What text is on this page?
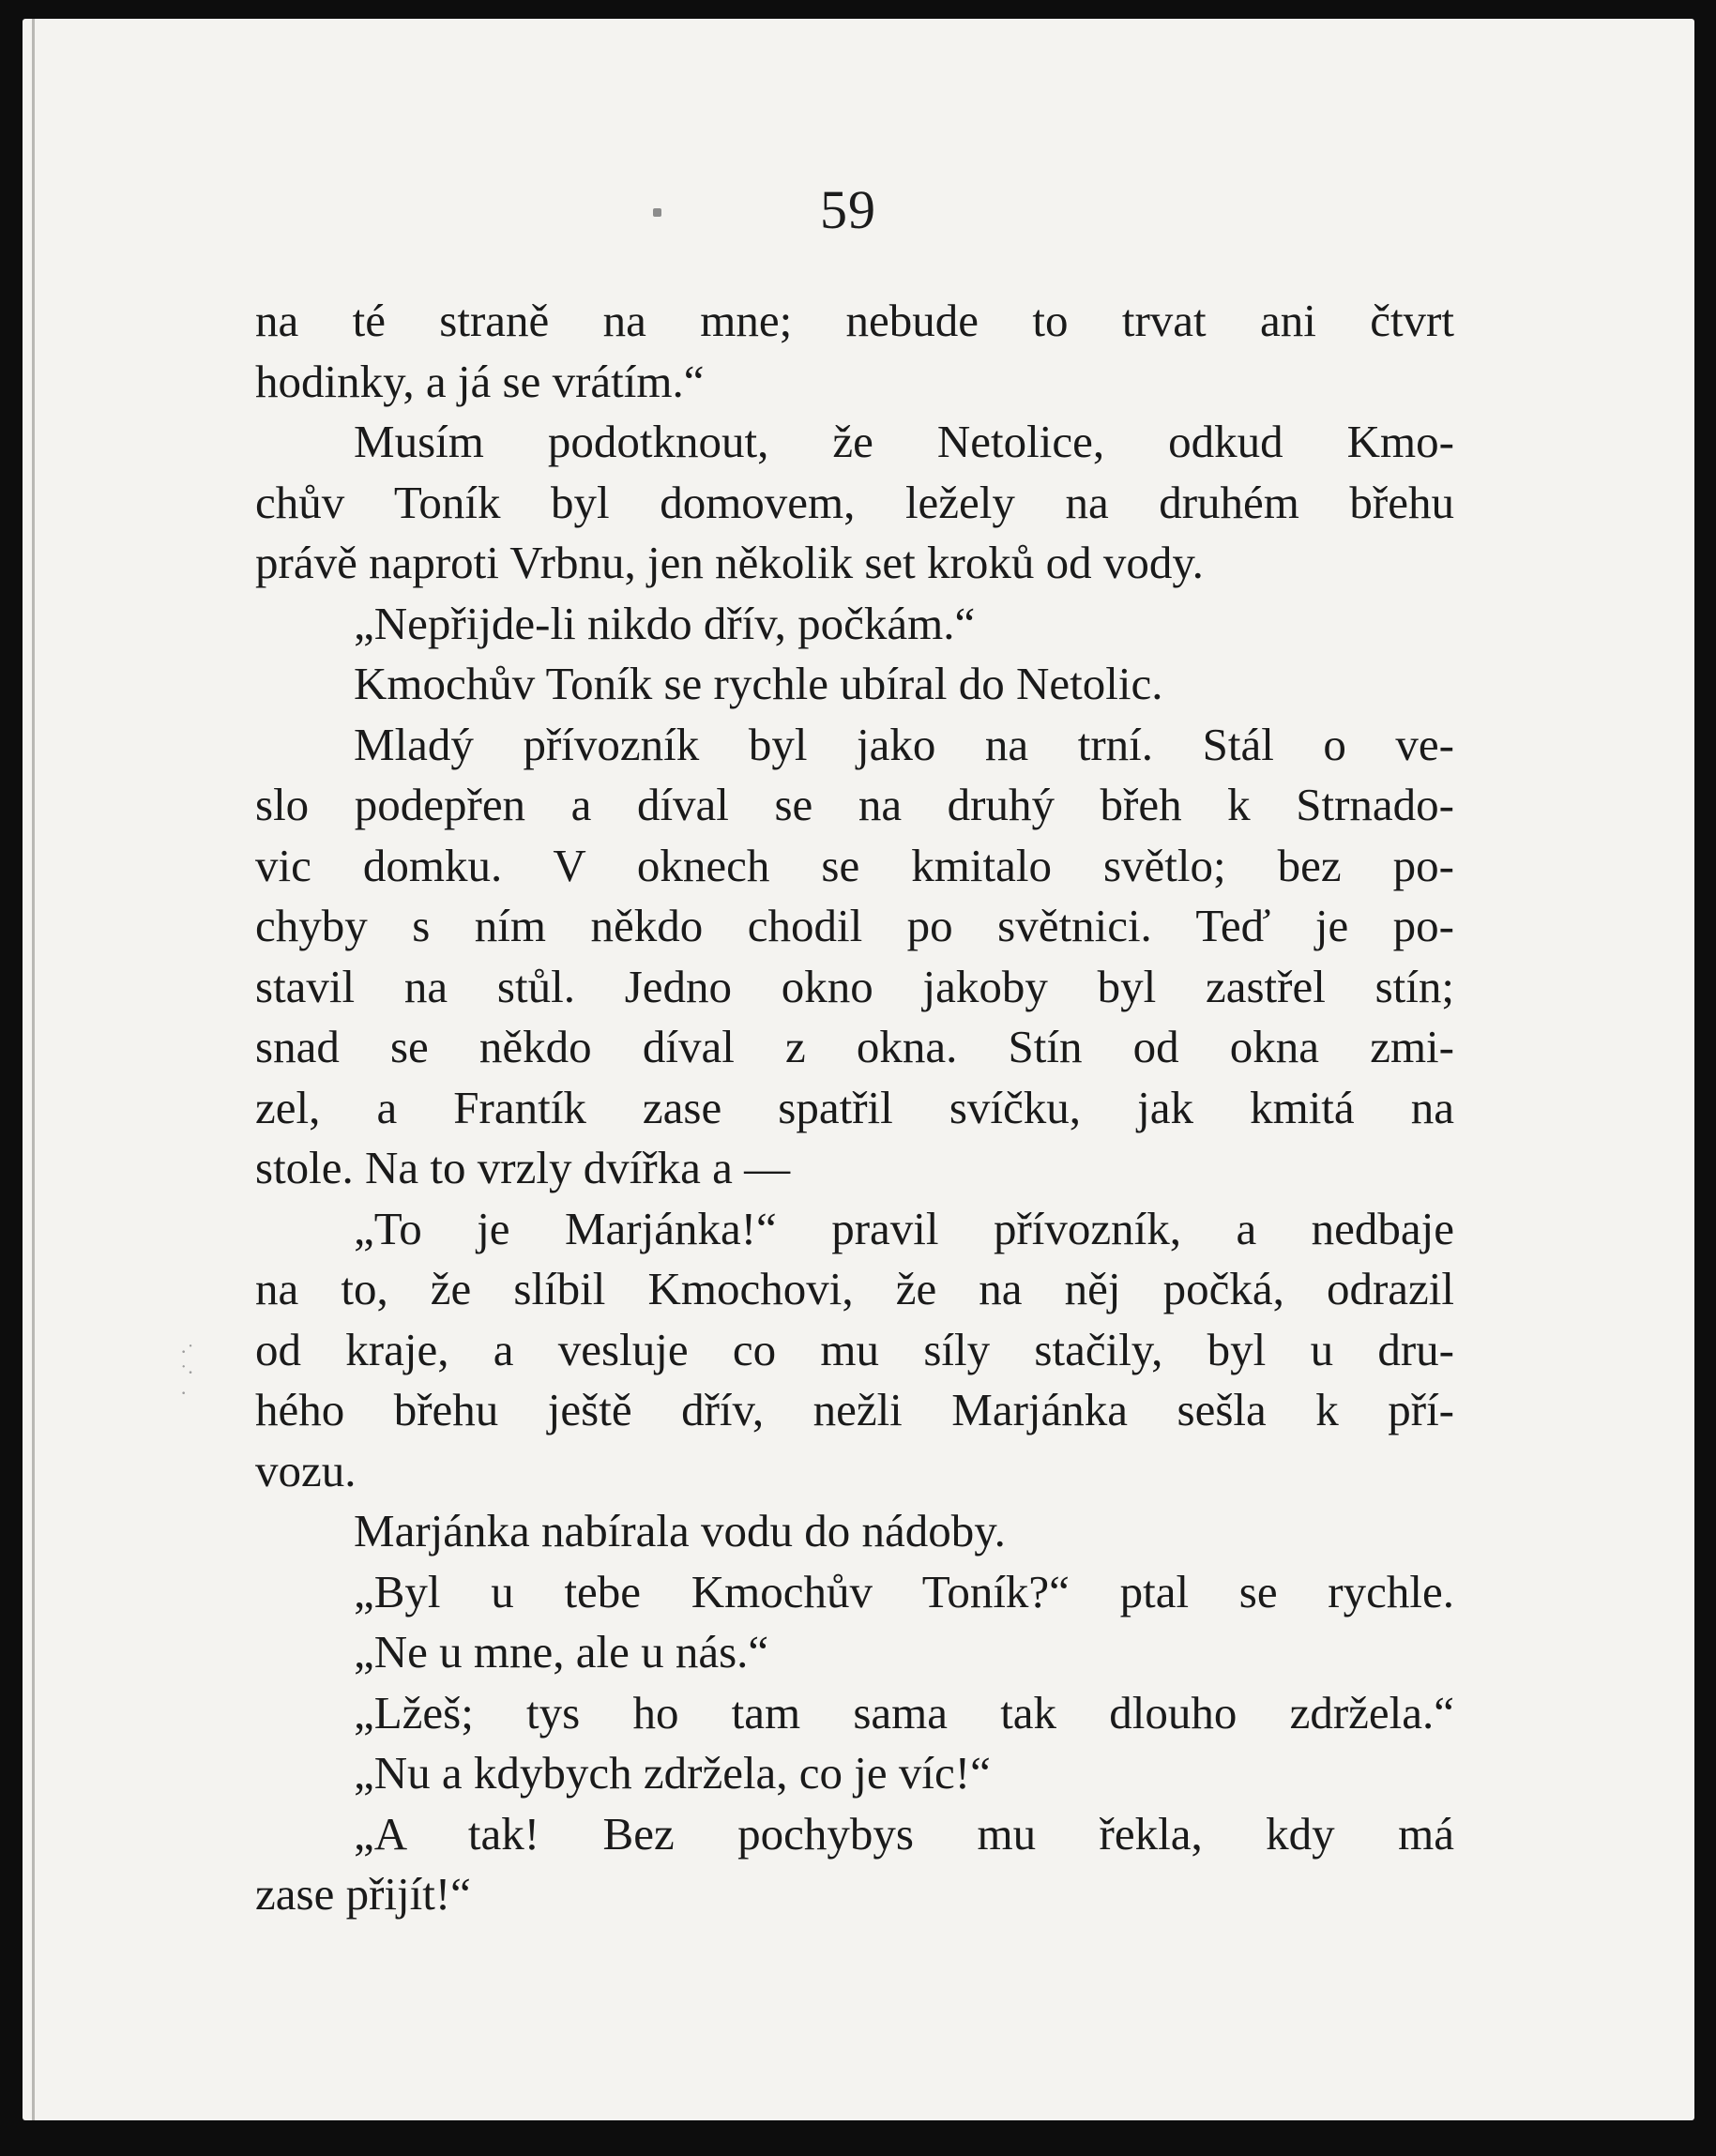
59
·˙
˙·
·
na té straně na mne; nebude to trvat ani čtvrt
hodinky, a já se vrátím.“
Musím podotknout, že Netolice, odkud Kmo-
chův Toník byl domovem, ležely na druhém břehu
právě naproti Vrbnu, jen několik set kroků od vody.
„Nepřijde-li nikdo dřív, počkám.“
Kmochův Toník se rychle ubíral do Netolic.
Mladý přívozník byl jako na trní. Stál o ve-
slo podepřen a díval se na druhý břeh k Strnado-
vic domku. V oknech se kmitalo světlo; bez po-
chyby s ním někdo chodil po světnici. Teď je po-
stavil na stůl. Jedno okno jakoby byl zastřel stín;
snad se někdo díval z okna. Stín od okna zmi-
zel, a Frantík zase spatřil svíčku, jak kmitá na
stole. Na to vrzly dvířka a —
„To je Marjánka!“ pravil přívozník, a nedbaje
na to, že slíbil Kmochovi, že na něj počká, odrazil
od kraje, a vesluje co mu síly stačily, byl u dru-
hého břehu ještě dřív, nežli Marjánka sešla k pří-
vozu.
Marjánka nabírala vodu do nádoby.
„Byl u tebe Kmochův Toník?“ ptal se rychle.
„Ne u mne, ale u nás.“
„Lžeš; tys ho tam sama tak dlouho zdržela.“
„Nu a kdybych zdržela, co je víc!“
„A tak! Bez pochybys mu řekla, kdy má
zase přijít!“
